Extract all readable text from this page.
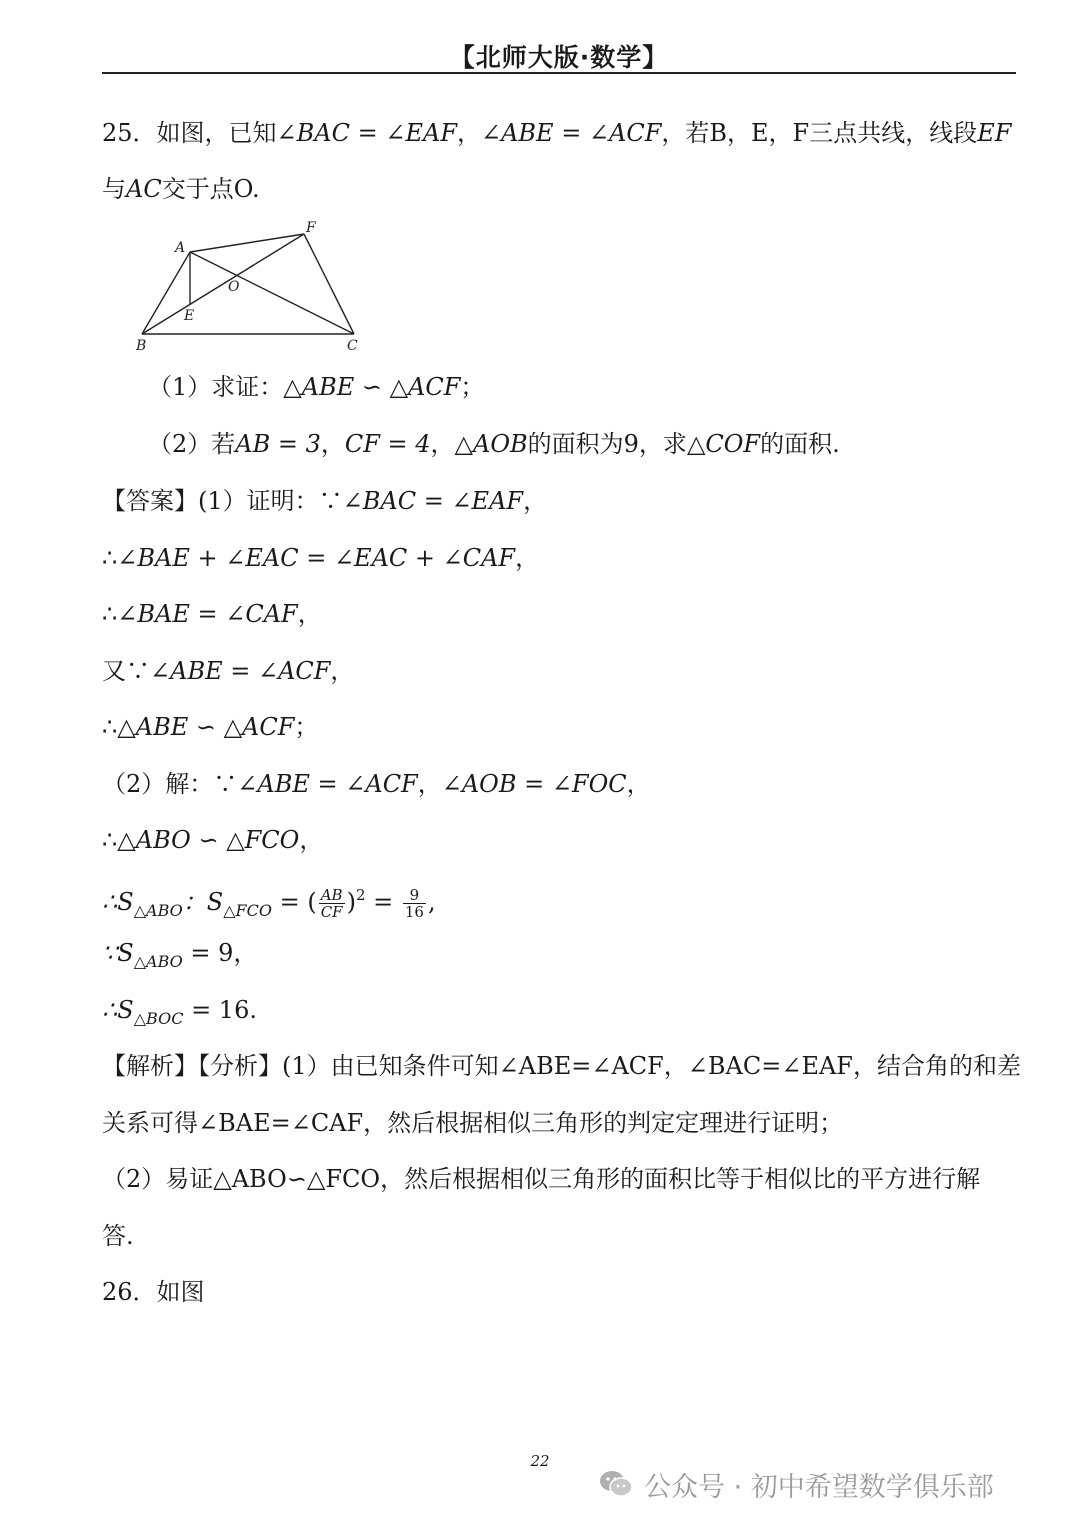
【北师大版·数学】
25．如图，已知∠BAC = ∠EAF，∠ABE = ∠ACF，若B，E，F三点共线，线段EF
与AC交于点O.
A
F
O
E
B	C
（1）求证：△ABE ∽ △ACF；
（2）若AB = 3，CF = 4，△AOB的面积为9，求△COF的面积.
【答案】(1）证明：∵∠BAC = ∠EAF，
∴∠BAE + ∠EAC = ∠EAC + ∠CAF，
∴∠BAE = ∠CAF，
又∵∠ABE = ∠ACF，
∴△ABE ∽ △ACF；
（2）解：∵∠ABE = ∠ACF，∠AOB = ∠FOC，
∴△ABO ∽ △FCO，
$\therefore S_{\triangle ABO}$：$S_{\triangle FCO}$ = ( $\frac{AB}{CF} )^2 = \frac{9}{16}$ ,
$\because S_{\triangle ABO} = 9$，
$\therefore S_{\triangle BOC} = 16$.
【解析】【分析】(1）由已知条件可知∠ABE=∠ACF，∠BAC=∠EAF，结合角的和差
关系可得∠BAE=∠CAF，然后根据相似三角形的判定定理进行证明；
（2）易证△ABO∽△FCO，然后根据相似三角形的面积比等于相似比的平方进行解
答.
26．如图
22
公众号 · 初中希望数学俱乐部
